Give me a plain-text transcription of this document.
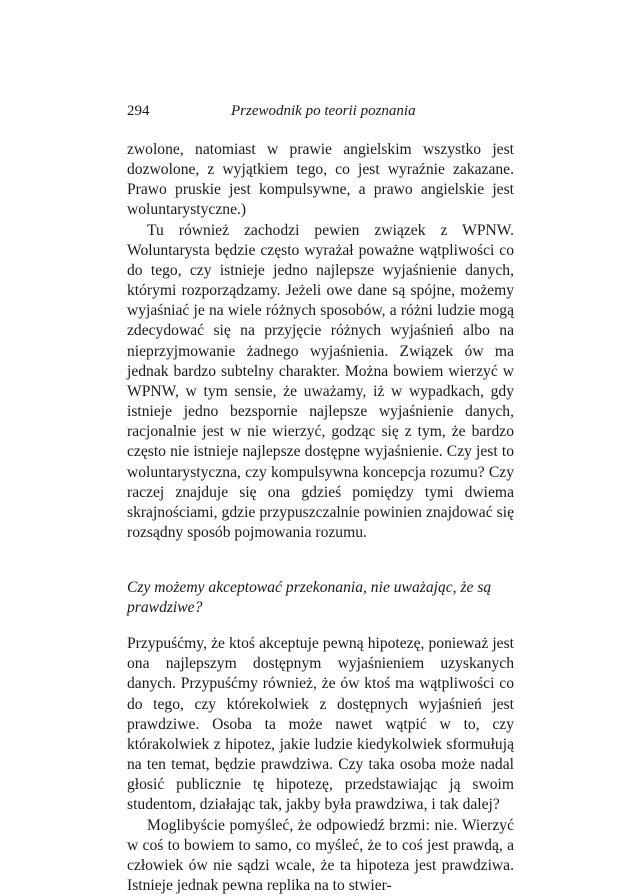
294	Przewodnik po teorii poznania

zwolone, natomiast w prawie angielskim wszystko jest dozwolone, z wyjątkiem tego, co jest wyraźnie zakazane. Prawo pruskie jest kompulsywne, a prawo angielskie jest woluntarystyczne.)

Tu również zachodzi pewien związek z WPNW. Woluntarysta będzie często wyrażał poważne wątpliwości co do tego, czy istnieje jedno najlepsze wyjaśnienie danych, którymi rozporządzamy. Jeżeli owe dane są spójne, możemy wyjaśniać je na wiele różnych sposobów, a różni ludzie mogą zdecydować się na przyjęcie różnych wyjaśnień albo na nieprzyjmowanie żadnego wyjaśnienia. Związek ów ma jednak bardzo subtelny charakter. Można bowiem wierzyć w WPNW, w tym sensie, że uważamy, iż w wypadkach, gdy istnieje jedno bezspornie najlepsze wyjaśnienie danych, racjonalnie jest w nie wierzyć, godząc się z tym, że bardzo często nie istnieje najlepsze dostępne wyjaśnienie. Czy jest to woluntarystyczna, czy kompulsywna koncepcja rozumu? Czy raczej znajduje się ona gdzieś pomiędzy tymi dwiema skrajnościami, gdzie przypuszczalnie powinien znajdować się rozsądny sposób pojmowania rozumu.

Czy możemy akceptować przekonania, nie uważając, że są prawdziwe?

Przypuśćmy, że ktoś akceptuje pewną hipotezę, ponieważ jest ona najlepszym dostępnym wyjaśnieniem uzyskanych danych. Przypuśćmy również, że ów ktoś ma wątpliwości co do tego, czy którekolwiek z dostępnych wyjaśnień jest prawdziwe. Osoba ta może nawet wątpić w to, czy którakolwiek z hipotez, jakie ludzie kiedykolwiek sformułują na ten temat, będzie prawdziwa. Czy taka osoba może nadal głosić publicznie tę hipotezę, przedstawiając ją swoim studentom, działając tak, jakby była prawdziwa, i tak dalej?

Moglibyście pomyśleć, że odpowiedź brzmi: nie. Wierzyć w coś to bowiem to samo, co myśleć, że to coś jest prawdą, a człowiek ów nie sądzi wcale, że ta hipoteza jest prawdziwa. Istnieje jednak pewna replika na to stwier-
